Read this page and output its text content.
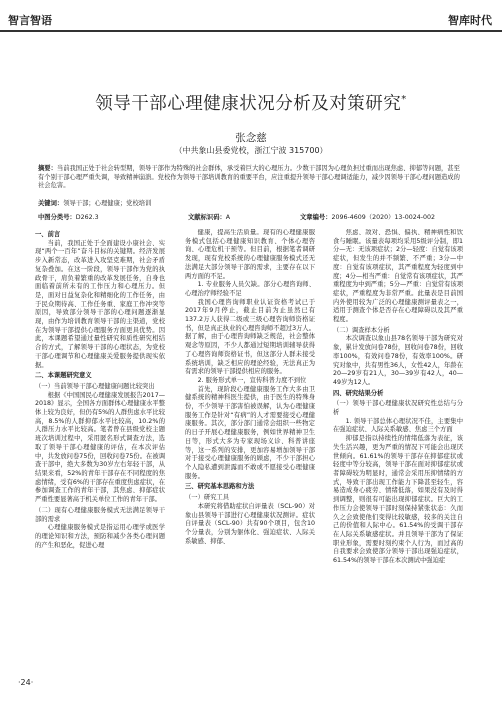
智言智语	智库时代
领导干部心理健康状况分析及对策研究*
张念慈
（中共象山县委党校，浙江宁波 315700）
摘要：当前我国正处于社会转型期，领导干部作为特殊的社会群体，承受着巨大的心理压力。少数干部因为心理负担过重而出现焦虑、抑郁等问题，甚至有个别干部心理严重失调，导致精神崩溃。党校作为领导干部培训教育的重要平台，应注重提升领导干部心理调适能力，减少因领导干部心理问题造成的社会危害。
关键词：领导干部；心理健康；党校培训
中图分类号：D262.3	文献标识码：A	文章编号：2096-4609（2020）13-0024-002

一、前言

当前，我国正处于全面建设小康社会、实现“两个一百年”奋斗目标的关键期。经济发展步入新常态，改革进入攻坚克难期，社会矛盾复杂叠加。在这一阶段，领导干部作为党的执政骨干，肩负着繁重的改革发展任务，自身也面临着前所未有的工作压力和心理压力。但是，面对日益复杂化和精细化的工作任务，由于民众期待高、工作任务重、家庭工作冲突等原因，导致部分领导干部的心理问题逐渐显现，由作为培训教育领导干部的主渠道，党校在为领导干部提供心理服务方面更具优势。因此，本课题希望通过量性研究和质性研究相结合的方式，了解领导干部的心理状态，为党校干部心理调节和心理健康关爱服务提供现实依据。

二、本课题研究意义

（一）当前领导干部心理健康问题比较突出

根据《中国国民心理健康发展报告2017—2018》显示，全国各方面群体心理健康水平整体上较为良好，但仍有5%的人群焦虑水平比较高，8.5%的人群抑郁水平比较高，10.2%的人群压力水平比较高。笔者曾在县级党校主题班次培训过程中，采用匿名形式调查方法，选取了领导干部心理健康的评估，在本次评估中，共发放问卷75份，回收问卷75份。在被调查干部中，绝大多数为30岁左右年轻干部，从结果来看，52%的青年干部存在不同程度的焦虑情绪，受有6%的干部存在重度焦虑症状，在参加调查工作的青年干部，其焦虑、抑郁症状严重性要显著高于机关单位工作的青年干部。

（二）现有心理健康服务模式无法满足领导干部的需求

心理健康服务模式是指运用心理学或医学的理论知识和方法，预防和减少各类心理问题的产生和恶化，促进心理

健康，提高生活质量。现有的心理健康服务模式包括心理健康知识教育、个体心理咨询、心理危机干预等。但目前，根据笔者调研发现，现有党校系统的心理健康服务模式还无法满足大部分领导干部的需求，主要存在以下两方面的不足。

1. 专业服务人员欠缺。部分心理咨询师、心理治疗师经验不足

我国心理咨询师职业认证资格考试已于2017年9月停止，截止目前为止虽然已有137.2万人获得二级或三级心理咨询师资格证书，但是真正执业的心理咨询师不超过3万人。据了解，由于心理咨询师缺乏规范，社会整体观念等原因，不少人都通过短期培训辅导获得了心理咨询师资格证书，但这部分人群未接受系统培训，缺乏相应的理论经验，无法真正为有需求的领导干部提供相应的服务。

2. 服务形式单一，宣传科普力度不到位

首先，现阶段心理健康服务工作大多由卫健系统的精神科医生提供，由于医生的特殊身份，不少领导干部害怕被误解，认为心理健康服务工作是针对“有病”的人才需要接受心理健康服务。其次，部分部门通常会组织一些物定的日子开展心理健康服务，例如世界精神卫生日等，形式大多为专家现场义诊、科普讲座等，这一系列的安排，更加容易增加领导干部对于接受心理健康服务的顾虑，不少干部担心个人隐私遭到泄露而不敢或不愿接受心理健康服务。

三、研究基本思路和方法

（一）研究工具

本研究将借助症状自评量表（SCL-90）对象山县领导干部进行心理健康状况测评。症状自评量表（SCL-90）共有90个项目，包含10个分量表，分别为躯体化、强迫症状、人际关系敏感、抑郁、

焦虑、敌对、恐惧、偏执、精神病性和饮食与睡眠。该量表每项均采用5级评分制，即1分—无：无该项症状；2分—轻度：自觉有该项症状，但发生的并不频繁、不严重；3分—中度：自觉有该项症状，其严重程度为轻度到中度；4分—相当严重：自觉常有该项症状，其严重程度为中到严重；5分—严重：自觉常有该项症状，严重程度为非常严重。此量表是目前国内外使用较为广泛的心理健康测评量表之一，适用于测查个体是否存在心理障碍以及其严重程度。

（二）调查样本分析

本次调查以象山县78名领导干部为研究对象，累计发放问卷78份，回收问卷78份，回收率100%，有效问卷78份，有效率100%。研究对象中，共有男性36人，女性42人，年龄在20—29岁有21人，30—39岁有42人，40—49岁为12人。

四、研究结果分析

（一）领导干部心理健康状况研究性总结与分析

1. 领导干部总体心理状况不佳，主要集中在强迫症状、人际关系敏感、焦虑三个方面

抑郁是指以持续性的情绪低落为表征，该失生活兴趣，更为严重的情况下可能会出现厌世倾向。61.61%的领导干部存在抑郁症状或轻度中等分较高，领导干部在面对抑郁症状或者障碍较为明显时，通常会采用压抑情绪的方式，导致干部出现工作能力下降甚至轻生，容易造成身心疲劳、情绪低落，如果没有及时得到调整，则很有可能出现抑郁症状。巨大的工作压力会使领导干部时刻保持紧张状态：久而久之会致使他们变得比较敏感，较多的关注自己的价值和人际中心。61.54%的受调干部存在人际关系敏感症状。并且领导干部为了保证职业形象，需要时刻约束个人行为，而过高的自我要求会致使部分领导干部出现强迫症状，61.54%的领导干部在本次测试中强迫症

·24·
